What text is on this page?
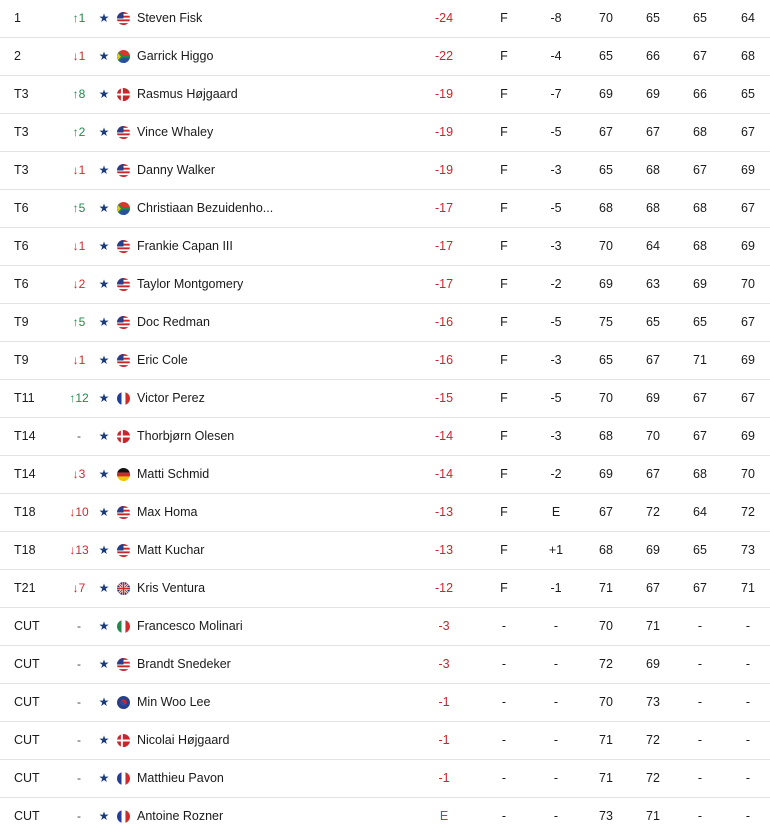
1	↑1	★ Steven Fisk	-24	F	-8	70	65	65	64
2	↓1	★ Garrick Higgo	-22	F	-4	65	66	67	68
T3	↑8	★ Rasmus Højgaard	-19	F	-7	69	69	66	65
T3	↑2	★ Vince Whaley	-19	F	-5	67	67	68	67
T3	↓1	★ Danny Walker	-19	F	-3	65	68	67	69
T6	↑5	★ Christiaan Bezuidenho...	-17	F	-5	68	68	68	67
T6	↓1	★ Frankie Capan III	-17	F	-3	70	64	68	69
T6	↓2	★ Taylor Montgomery	-17	F	-2	69	63	69	70
T9	↑5	★ Doc Redman	-16	F	-5	75	65	65	67
T9	↓1	★ Eric Cole	-16	F	-3	65	67	71	69
T11	↑12 ★ Victor Perez	-15	F	-5	70	69	67	67
T14	-	★ Thorbjørn Olesen	-14	F	-3	68	70	67	69
T14	↓3	★ Matti Schmid	-14	F	-2	69	67	68	70
T18	↓10 ★ Max Homa	-13	F	E	67	72	64	72
T18	↓13 ★ Matt Kuchar	-13	F	+1	68	69	65	73
T21	↓7	★ Kris Ventura	-12	F	-1	71	67	67	71
CUT	-	★ Francesco Molinari	-3	-	-	70	71	-	-
CUT	-	★ Brandt Snedeker	-3	-	-	72	69	-	-
CUT	-	★ Min Woo Lee	-1	-	-	70	73	-	-
CUT	-	★ Nicolai Højgaard	-1	-	-	71	72	-	-
CUT	-	★ Matthieu Pavon	-1	-	-	71	72	-	-
CUT	-	★ Antoine Rozner	E	-	-	73	71	-	-
